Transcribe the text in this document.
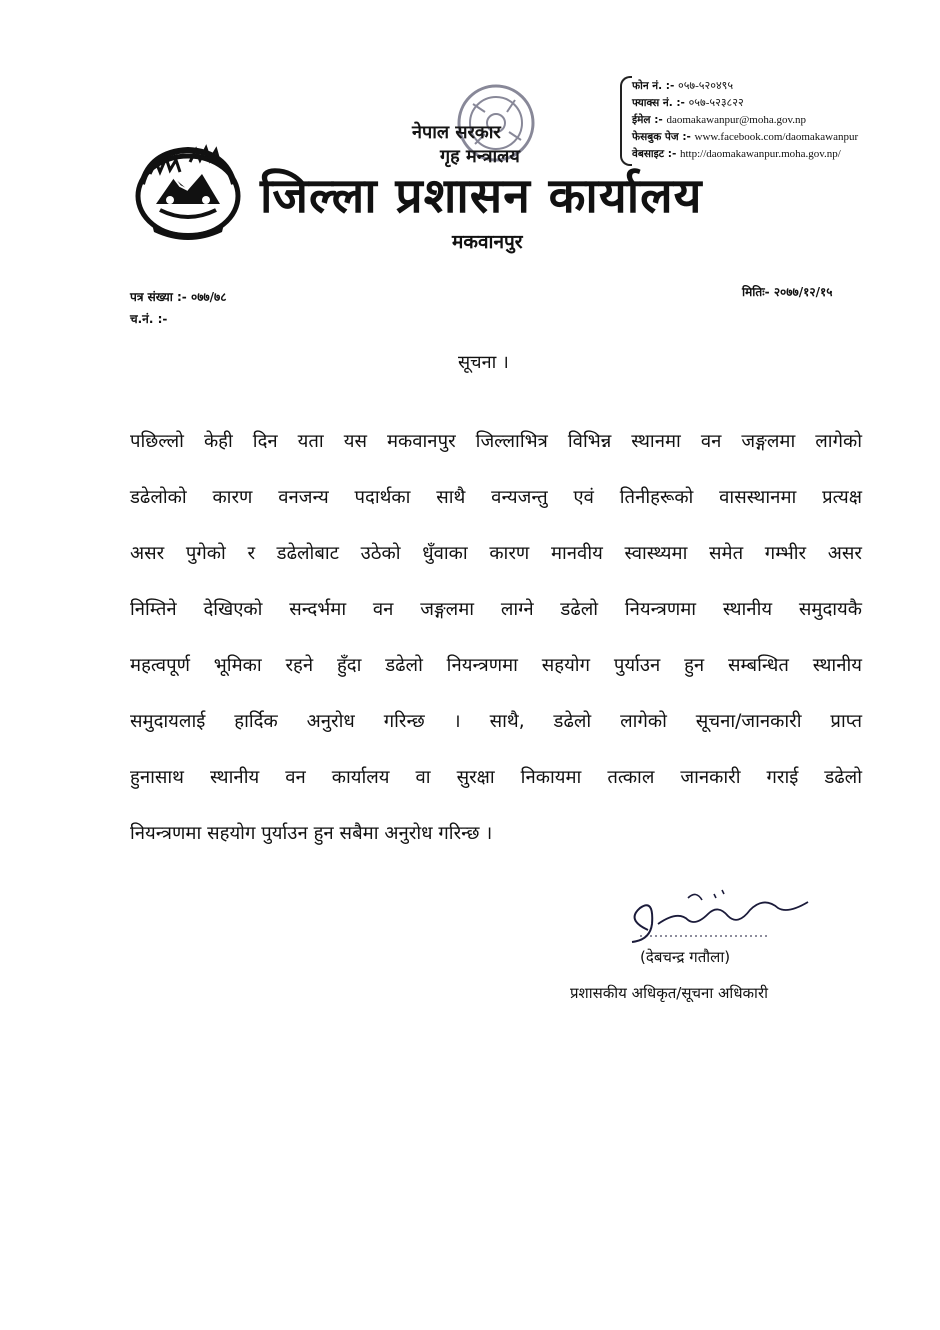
नेपाल सरकार
गृह मन्त्रालय
जिल्ला प्रशासन कार्यालय
मकवानपुर
फोन नं. :- ०५७-५२०४९५
फ्याक्स नं. :- ०५७-५२३८२२
ईमेल :- daomakawanpur@moha.gov.np
फेसबुक पेज :- www.facebook.com/daomakawanpur
वेबसाइट :- http://daomakawanpur.moha.gov.np/
पत्र संख्या :- ०७७/७८
च.नं. :-
मितिः- २०७७/१२/१५
सूचना ।
पछिल्लो केही दिन यता यस मकवानपुर जिल्लाभित्र विभिन्न स्थानमा वन जङ्गलमा लागेको
डढेलोको कारण वनजन्य पदार्थका साथै वन्यजन्तु एवं तिनीहरूको वासस्थानमा प्रत्यक्ष
असर पुगेको र डढेलोबाट उठेको धुँवाका कारण मानवीय स्वास्थ्यमा समेत गम्भीर असर
निम्तिने देखिएको सन्दर्भमा वन जङ्गलमा लाग्ने डढेलो नियन्त्रणमा स्थानीय समुदायकै
महत्वपूर्ण भूमिका रहने हुँदा डढेलो नियन्त्रणमा सहयोग पुर्याउन हुन सम्बन्धित स्थानीय
समुदायलाई हार्दिक अनुरोध गरिन्छ । साथै, डढेलो लागेको सूचना/जानकारी प्राप्त
हुनासाथ स्थानीय वन कार्यालय वा सुरक्षा निकायमा तत्काल जानकारी गराई डढेलो
नियन्त्रणमा सहयोग पुर्याउन हुन सबैमा अनुरोध गरिन्छ ।
(देबचन्द्र गतौला)
प्रशासकीय अधिकृत/सूचना अधिकारी
